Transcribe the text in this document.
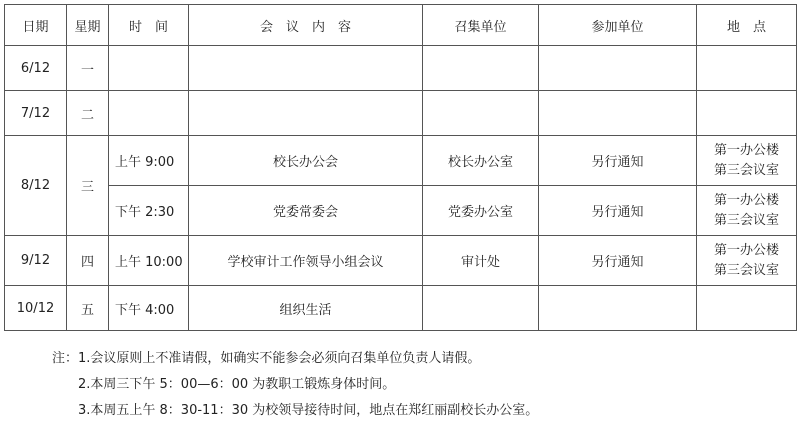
日期	星期	时　间	会　议　内　容	召集单位	参加单位	地　点
6/12	一					
7/12	二					
8/12	三	上午 9:00	校长办公会	校长办公室	另行通知	第一办公楼
第三会议室

		下午 2:30	党委常委会	党委办公室	另行通知	第一办公楼
第三会议室

9/12	四	上午 10:00	学校审计工作领导小组会议	审计处	另行通知	第一办公楼
第三会议室

10/12	五	下午 4:00	组织生活			
注：1.会议原则上不准请假，如确实不能参会必须向召集单位负责人请假。
2.本周三下午 5：00—6：00 为教职工锻炼身体时间。
3.本周五上午 8：30-11：30 为校领导接待时间，地点在郑红丽副校长办公室。
